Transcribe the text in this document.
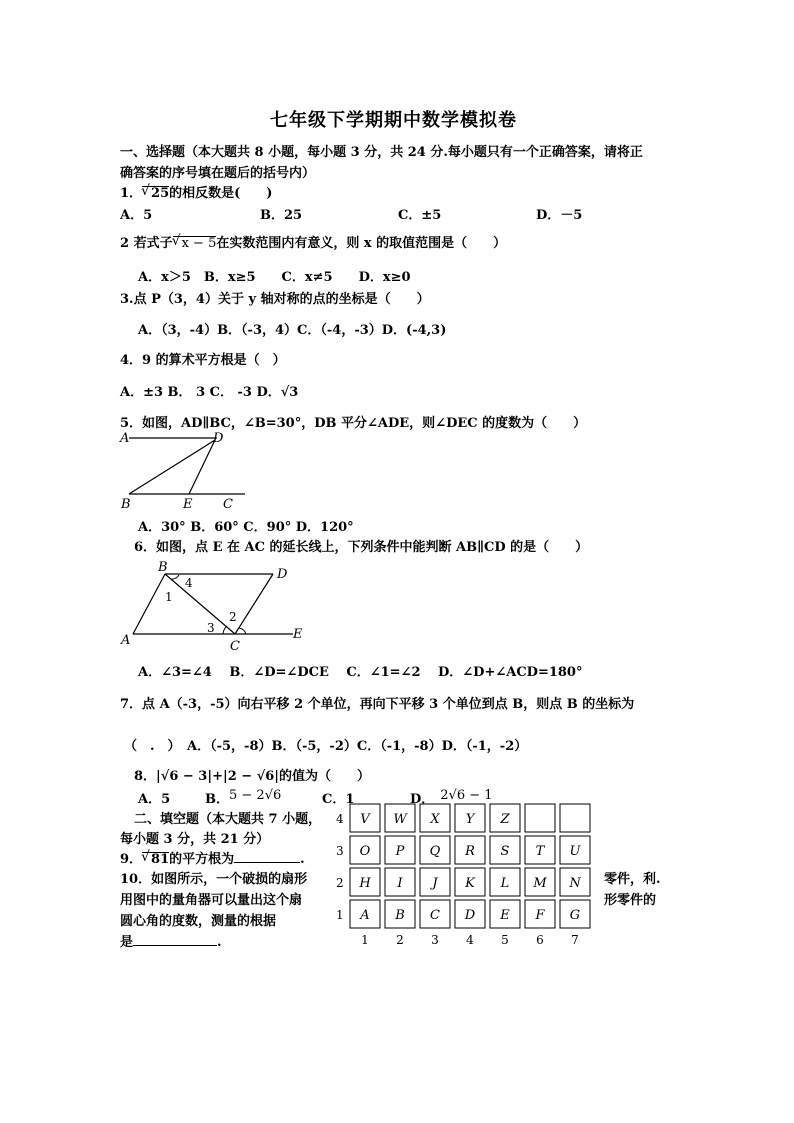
七年级下学期期中数学模拟卷
一、选择题（本大题共 8 小题，每小题 3 分，共 24 分.每小题只有一个正确答案，请将正
确答案的序号填在题后的括号内）
1． √ 25的相反数是(　　)
A．5	B．25	C．±5	D．－5
2 若式子 √ x − 5在实数范围内有意义，则 x 的取值范围是（　　）
A．x＞5　B．x≥5　　C．x≠5　　D．x≥0
3.点 P（3，4）关于 y 轴对称的点的坐标是（　　）
A．（3，-4）B．（-3，4）C．（-4，-3）D．(-4,3)
4．9 的算术平方根是（　）
A．±3 B． 3 C． -3 D．√3
5．如图，AD∥BC，∠B=30°，DB 平分∠ADE，则∠DEC 的度数为（　　）
A	D
B	E C
A．30° B．60° C．90° D．120°
6．如图，点 E 在 AC 的延长线上，下列条件中能判断 AB∥CD 的是（　　）
B	D
A	C
E
1
2
3
4
A．∠3=∠4　 B．∠D=∠DCE　 C．∠1=∠2　 D．∠D+∠ACD=180°
7．点 A（-3，-5）向右平移 2 个单位，再向下平移 3 个单位到点 B，则点 B 的坐标为
（　.　）　A．（-5，-8）B．（-5，-2）C．（-1，-8）D．（-1，-2）
8．|√6 − 3|+|2 − √6|的值为（　　）
A．5	B．5 − 2√6	C．1	D． 2√6 − 1
二、填空题（本大题共 7 小题，
每小题 3 分，共 21 分）
9． √ 81的平方根为	.
10．如图所示，一个破损的扇形
用图中的量角器可以量出这个扇
圆心角的度数，测量的根据
是	.
零件，利.
形零件的
4 V W X Y Z
3 O P Q R S T U
2 H I J K L M N
1 A B C D E F G
1 2 3 4 5 6 7
